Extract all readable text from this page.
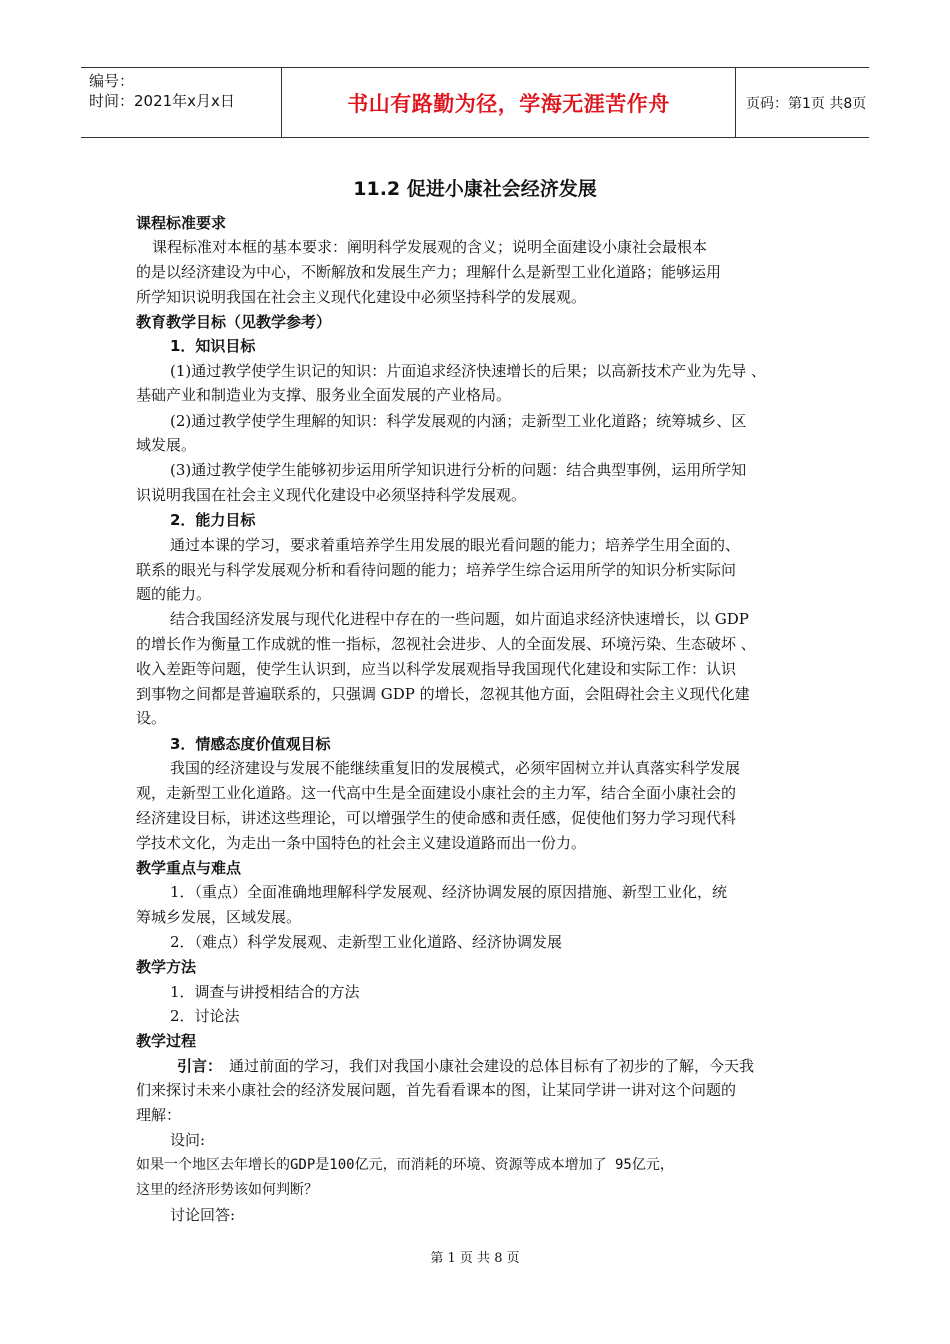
编号：
时间：2021年x月x日	书山有路勤为径，学海无涯苦作舟	页码：第1页 共8页
11.2 促进小康社会经济发展
课程标准要求
课程标准对本框的基本要求：阐明科学发展观的含义；说明全面建设小康社会最根本
的是以经济建设为中心，不断解放和发展生产力；理解什么是新型工业化道路；能够运用
所学知识说明我国在社会主义现代化建设中必须坚持科学的发展观。
教育教学目标（见教学参考）
1．知识目标
(1)通过教学使学生识记的知识：片面追求经济快速增长的后果；以高新技术产业为先导 、
基础产业和制造业为支撑、服务业全面发展的产业格局。
(2)通过教学使学生理解的知识：科学发展观的内涵；走新型工业化道路；统筹城乡、区
域发展。
(3)通过教学使学生能够初步运用所学知识进行分析的问题：结合典型事例，运用所学知
识说明我国在社会主义现代化建设中必须坚持科学发展观。
2．能力目标
通过本课的学习，要求着重培养学生用发展的眼光看问题的能力；培养学生用全面的、
联系的眼光与科学发展观分析和看待问题的能力；培养学生综合运用所学的知识分析实际问
题的能力。
结合我国经济发展与现代化进程中存在的一些问题，如片面追求经济快速增长，以 GDP
的增长作为衡量工作成就的惟一指标，忽视社会进步、人的全面发展、环境污染、生态破坏 、
收入差距等问题，使学生认识到，应当以科学发展观指导我国现代化建设和实际工作：认识
到事物之间都是普遍联系的，只强调 GDP 的增长，忽视其他方面，会阻碍社会主义现代化建
设。
3．情感态度价值观目标
我国的经济建设与发展不能继续重复旧的发展模式，必须牢固树立并认真落实科学发展
观，走新型工业化道路。这一代高中生是全面建设小康社会的主力军，结合全面小康社会的
经济建设目标，讲述这些理论，可以增强学生的使命感和责任感，促使他们努力学习现代科
学技术文化，为走出一条中国特色的社会主义建设道路而出一份力。
教学重点与难点
1．（重点）全面准确地理解科学发展观、经济协调发展的原因措施、新型工业化，统
筹城乡发展，区域发展。
2．（难点）科学发展观、走新型工业化道路、经济协调发展
教学方法
1．调查与讲授相结合的方法
2．讨论法
教学过程
引言： 通过前面的学习，我们对我国小康社会建设的总体目标有了初步的了解，今天我
们来探讨未来小康社会的经济发展问题，首先看看课本的图，让某同学讲一讲对这个问题的
理解：
设问:
如果一个地区去年增长的GDP是100亿元，而消耗的环境、资源等成本增加了 95亿元，
这里的经济形势该如何判断？
讨论回答:
第 1 页 共 8 页
